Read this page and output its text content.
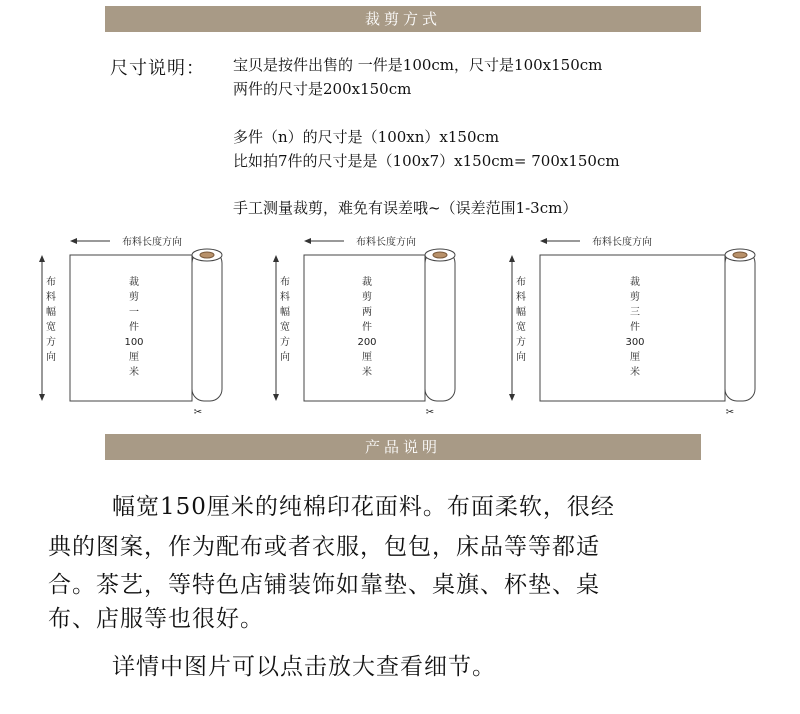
裁剪方式
尺寸说明： 宝贝是按件出售的 一件是100cm，尺寸是100x150cm
两件的尺寸是200x150cm
多件（n）的尺寸是（100xn）x150cm
比如拍7件的尺寸是是（100x7）x150cm= 700x150cm
手工测量裁剪，难免有误差哦~（误差范围1-3cm）
布料长度方向
布
料
幅
宽
方
向
✂
裁
剪
一
件
100
厘
米
布料长度方向
布
料
幅
宽
方
向
✂
裁
剪
两
件
200
厘
米
布料长度方向
布
料
幅
宽
方
向
✂
裁
剪
三
件
300
厘
米
产品说明
幅宽150厘米的纯棉印花面料。布面柔软，很经
典的图案，作为配布或者衣服，包包，床品等等都适
合。茶艺，等特色店铺装饰如靠垫、桌旗、杯垫、桌
布、店服等也很好。
详情中图片可以点击放大查看细节。
